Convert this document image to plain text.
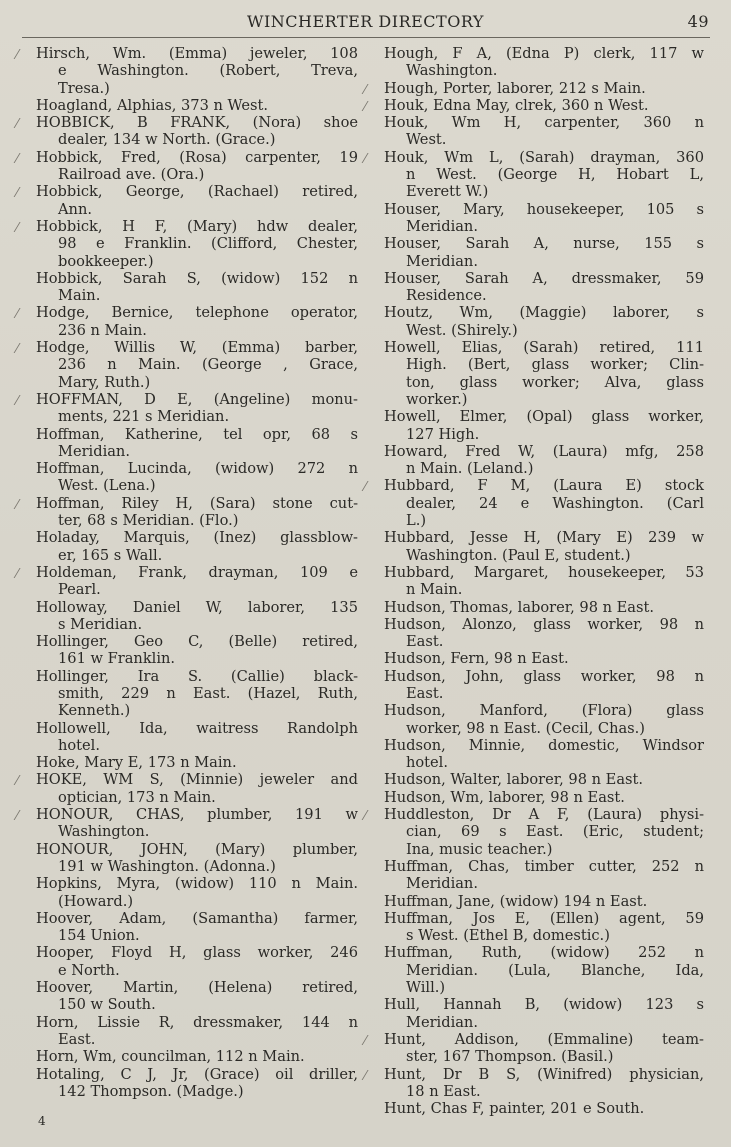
WINCHERTER DIRECTORY	49

⁄ Hirsch, Wm. (Emma) jeweler, 108
e Washington. (Robert, Treva,
Tresa.)

Hoagland, Alphias, 373 n West.

⁄ HOBBICK, B FRANK, (Nora) shoe
dealer, 134 w North. (Grace.)

⁄ Hobbick, Fred, (Rosa) carpenter, 19
Railroad ave. (Ora.)

⁄ Hobbick, George, (Rachael) retired,
Ann.

⁄ Hobbick, H F, (Mary) hdw dealer,
98 e Franklin. (Clifford, Chester,
bookkeeper.)

Hobbick, Sarah S, (widow) 152 n
Main.

⁄ Hodge, Bernice, telephone operator,
236 n Main.

⁄ Hodge, Willis W, (Emma) barber,
236 n Main. (George , Grace,
Mary, Ruth.)

⁄ HOFFMAN, D E, (Angeline) monu-
ments, 221 s Meridian.

Hoffman, Katherine, tel opr, 68 s
Meridian.

Hoffman, Lucinda, (widow) 272 n
West. (Lena.)

⁄ Hoffman, Riley H, (Sara) stone cut-
ter, 68 s Meridian. (Flo.)

Holaday, Marquis, (Inez) glassblow-
er, 165 s Wall.

⁄ Holdeman, Frank, drayman, 109 e
Pearl.

Holloway, Daniel W, laborer, 135
s Meridian.

Hollinger, Geo C, (Belle) retired,
161 w Franklin.

Hollinger, Ira S. (Callie) black-
smith, 229 n East. (Hazel, Ruth,
Kenneth.)

Hollowell, Ida, waitress Randolph
hotel.

Hoke, Mary E, 173 n Main.

⁄ HOKE, WM S, (Minnie) jeweler and
optician, 173 n Main.

⁄ HONOUR, CHAS, plumber, 191 w
Washington.

HONOUR, JOHN, (Mary) plumber,
191 w Washington. (Adonna.)

Hopkins, Myra, (widow) 110 n Main.
(Howard.)

Hoover, Adam, (Samantha) farmer,
154 Union.

Hooper, Floyd H, glass worker, 246
e North.

Hoover, Martin, (Helena) retired,
150 w South.

Horn, Lissie R, dressmaker, 144 n
East.

Horn, Wm, councilman, 112 n Main.

Hotaling, C J, Jr, (Grace) oil driller,
142 Thompson. (Madge.)

Hough, F A, (Edna P) clerk, 117 w
Washington.

⁄ Hough, Porter, laborer, 212 s Main.

⁄ Houk, Edna May, clrek, 360 n West.

Houk, Wm H, carpenter, 360 n
West.

⁄ Houk, Wm L, (Sarah) drayman, 360
n West. (George H, Hobart L,
Everett W.)

Houser, Mary, housekeeper, 105 s
Meridian.

Houser, Sarah A, nurse, 155 s
Meridian.

Houser, Sarah A, dressmaker, 59
Residence.

Houtz, Wm, (Maggie) laborer, s
West. (Shirely.)

Howell, Elias, (Sarah) retired, 111
High. (Bert, glass worker; Clin-
ton, glass worker; Alva, glass
worker.)

Howell, Elmer, (Opal) glass worker,
127 High.

Howard, Fred W, (Laura) mfg, 258
n Main. (Leland.)

⁄ Hubbard, F M, (Laura E) stock
dealer, 24 e Washington. (Carl
L.)

Hubbard, Jesse H, (Mary E) 239 w
Washington. (Paul E, student.)

Hubbard, Margaret, housekeeper, 53
n Main.

Hudson, Thomas, laborer, 98 n East.

Hudson, Alonzo, glass worker, 98 n
East.

Hudson, Fern, 98 n East.

Hudson, John, glass worker, 98 n
East.

Hudson, Manford, (Flora) glass
worker, 98 n East. (Cecil, Chas.)

Hudson, Minnie, domestic, Windsor
hotel.

Hudson, Walter, laborer, 98 n East.

Hudson, Wm, laborer, 98 n East.

⁄ Huddleston, Dr A F, (Laura) physi-
cian, 69 s East. (Eric, student;
Ina, music teacher.)

Huffman, Chas, timber cutter, 252 n
Meridian.

Huffman, Jane, (widow) 194 n East.

Huffman, Jos E, (Ellen) agent, 59
s West. (Ethel B, domestic.)

Huffman, Ruth, (widow) 252 n
Meridian. (Lula, Blanche, Ida,
Will.)

Hull, Hannah B, (widow) 123 s
Meridian.

⁄ Hunt, Addison, (Emmaline) team-
ster, 167 Thompson. (Basil.)

⁄ Hunt, Dr B S, (Winifred) physician,
18 n East.

Hunt, Chas F, painter, 201 e South.

4
